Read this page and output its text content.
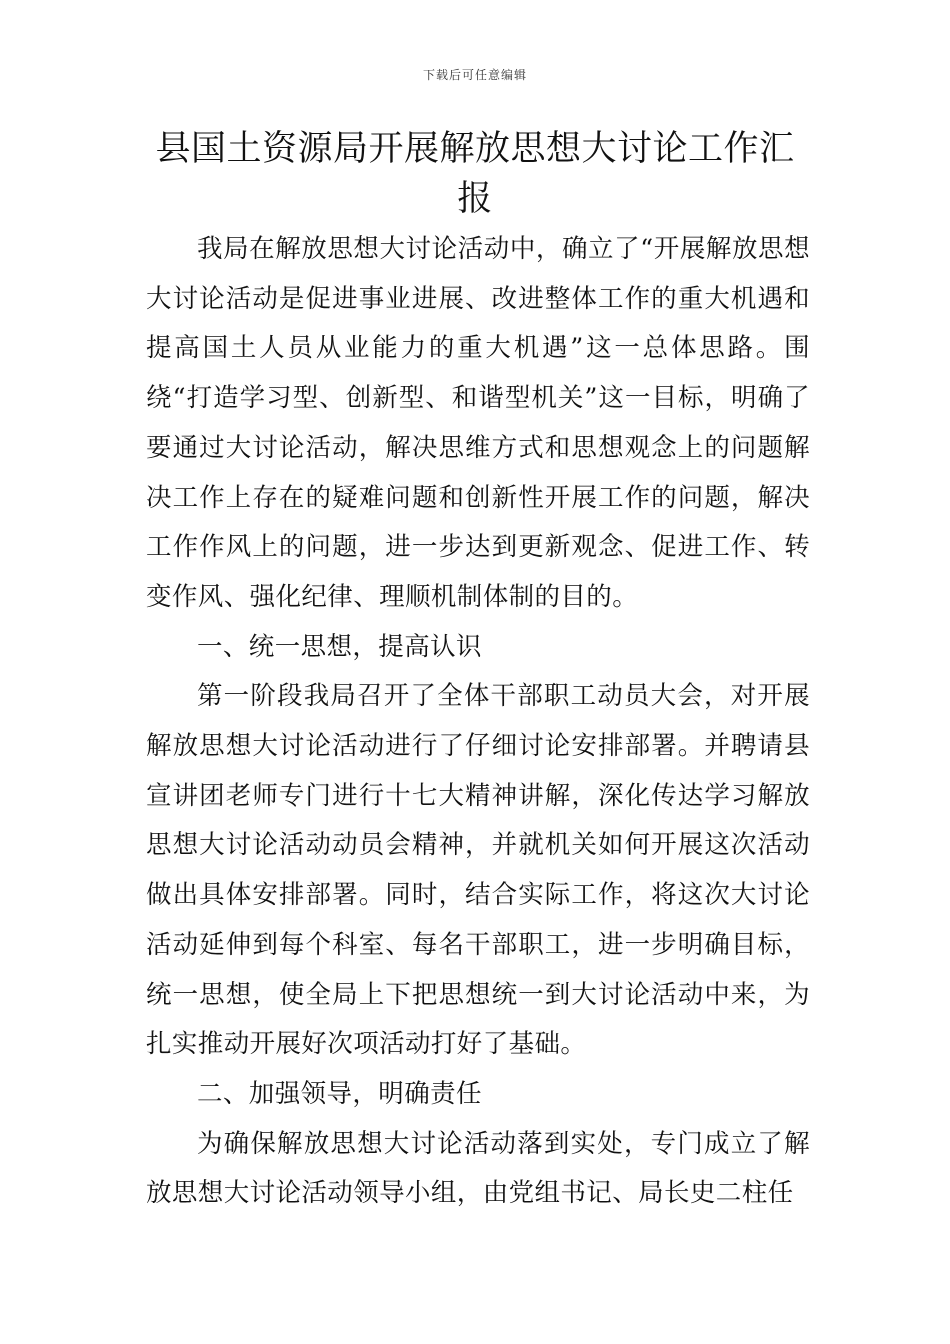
下载后可任意编辑
县国土资源局开展解放思想大讨论工作汇报

我局在解放思想大讨论活动中，确立了“开展解放思想大讨论活动是促进事业进展、改进整体工作的重大机遇和提高国土人员从业能力的重大机遇”这一总体思路。围绕“打造学习型、创新型、和谐型机关”这一目标，明确了要通过大讨论活动，解决思维方式和思想观念上的问题解决工作上存在的疑难问题和创新性开展工作的问题，解决工作作风上的问题，进一步达到更新观念、促进工作、转变作风、强化纪律、理顺机制体制的目的。

一、统一思想，提高认识

第一阶段我局召开了全体干部职工动员大会，对开展解放思想大讨论活动进行了仔细讨论安排部署。并聘请县宣讲团老师专门进行十七大精神讲解，深化传达学习解放思想大讨论活动动员会精神，并就机关如何开展这次活动做出具体安排部署。同时，结合实际工作，将这次大讨论活动延伸到每个科室、每名干部职工，进一步明确目标，统一思想，使全局上下把思想统一到大讨论活动中来，为扎实推动开展好次项活动打好了基础。

二、加强领导，明确责任

为确保解放思想大讨论活动落到实处，专门成立了解放思想大讨论活动领导小组，由党组书记、局长史二柱任
